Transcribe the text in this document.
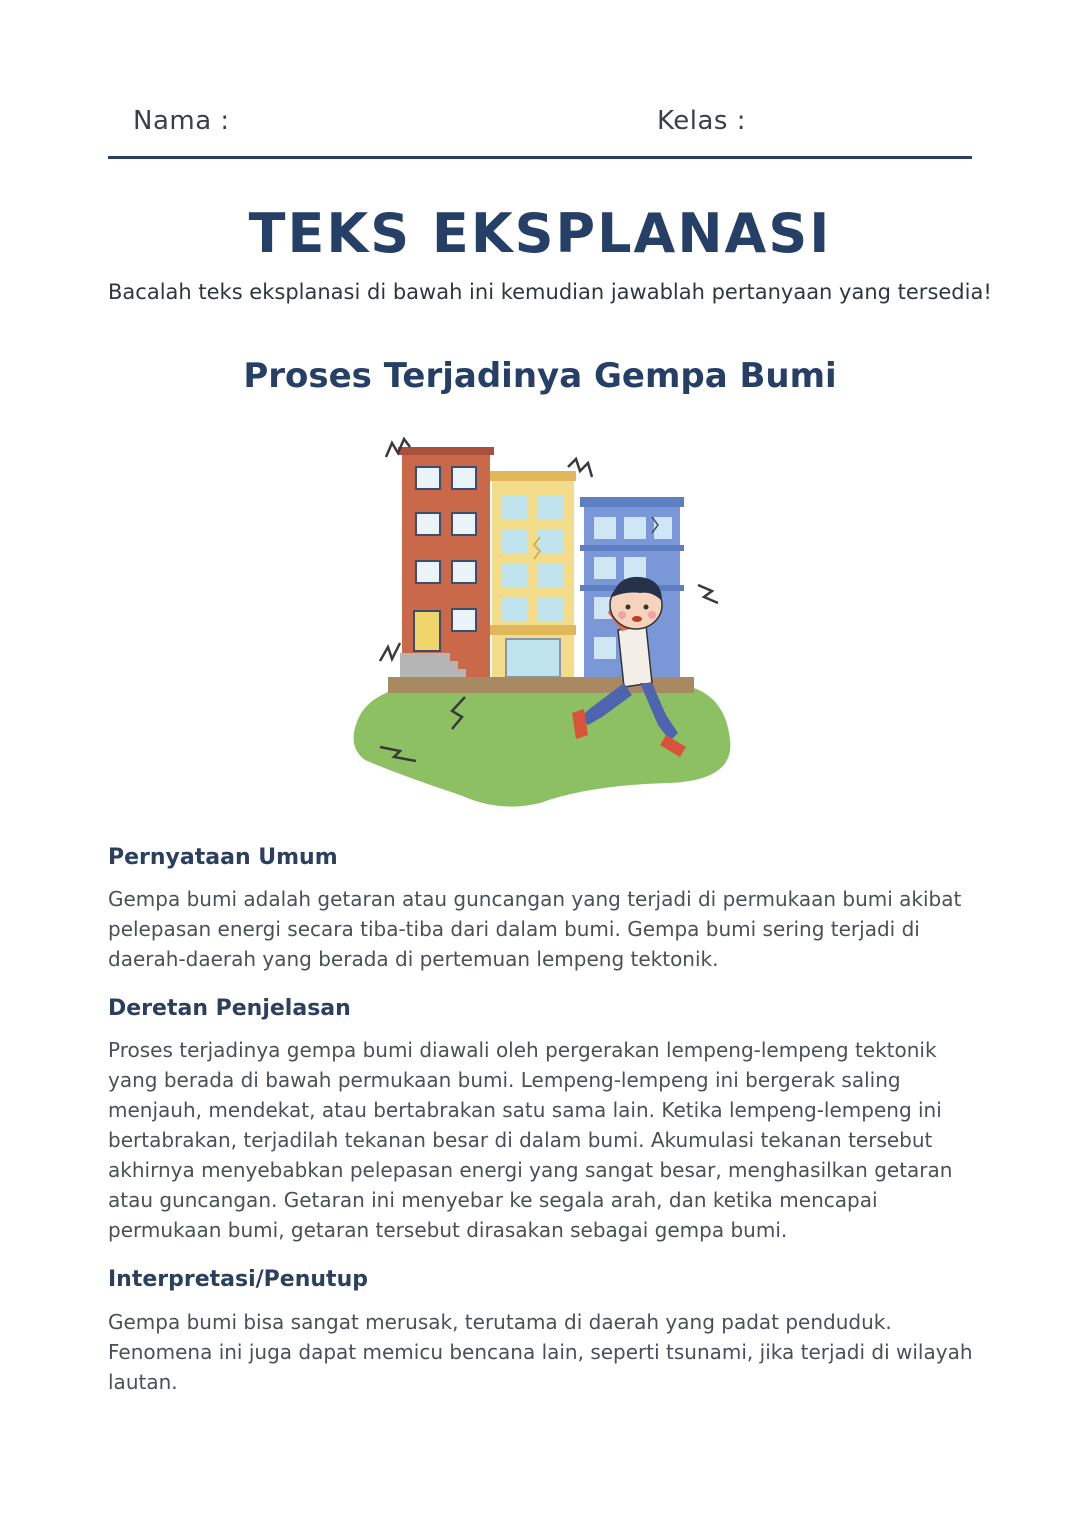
Nama :	Kelas :
TEKS EKSPLANASI
Bacalah teks eksplanasi di bawah ini kemudian jawablah pertanyaan yang tersedia!
Proses Terjadinya Gempa Bumi
Pernyataan Umum
Gempa bumi adalah getaran atau guncangan yang terjadi di permukaan bumi akibat
pelepasan energi secara tiba-tiba dari dalam bumi. Gempa bumi sering terjadi di
daerah-daerah yang berada di pertemuan lempeng tektonik.
Deretan Penjelasan
Proses terjadinya gempa bumi diawali oleh pergerakan lempeng-lempeng tektonik
yang berada di bawah permukaan bumi. Lempeng-lempeng ini bergerak saling
menjauh, mendekat, atau bertabrakan satu sama lain. Ketika lempeng-lempeng ini
bertabrakan, terjadilah tekanan besar di dalam bumi. Akumulasi tekanan tersebut
akhirnya menyebabkan pelepasan energi yang sangat besar, menghasilkan getaran
atau guncangan. Getaran ini menyebar ke segala arah, dan ketika mencapai
permukaan bumi, getaran tersebut dirasakan sebagai gempa bumi.
Interpretasi/Penutup
Gempa bumi bisa sangat merusak, terutama di daerah yang padat penduduk.
Fenomena ini juga dapat memicu bencana lain, seperti tsunami, jika terjadi di wilayah
lautan.
